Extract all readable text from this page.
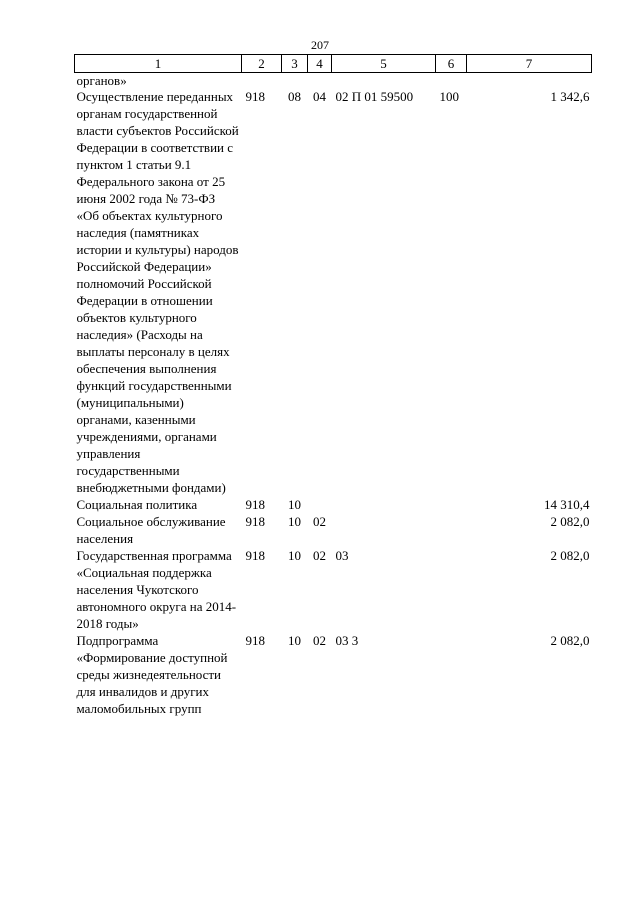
207
1	2	3	4	5	6	7
органов»						
Осуществление переданных органам государственной власти субъектов Российской Федерации в соответствии с пунктом 1 статьи 9.1 Федерального закона от 25 июня 2002 года № 73-ФЗ «Об объектах культурного наследия (памятниках истории и культуры) народов Российской Федерации» полномочий Российской Федерации в отношении объектов культурного наследия» (Расходы на выплаты персоналу в целях обеспечения выполнения функций государственными (муниципальными) органами, казенными учреждениями, органами управления государственными внебюджетными фондами)	918	08	04	02 П 01 59500	100	1 342,6
Социальная политика	918	10				14 310,4
Социальное обслуживание населения	918	10	02			2 082,0
Государственная программа «Социальная поддержка населения Чукотского автономного округа на 2014-2018 годы»	918	10	02	03		2 082,0
Подпрограмма «Формирование доступной среды жизнедеятельности для инвалидов и других маломобильных групп	918	10	02	03 3		2 082,0
